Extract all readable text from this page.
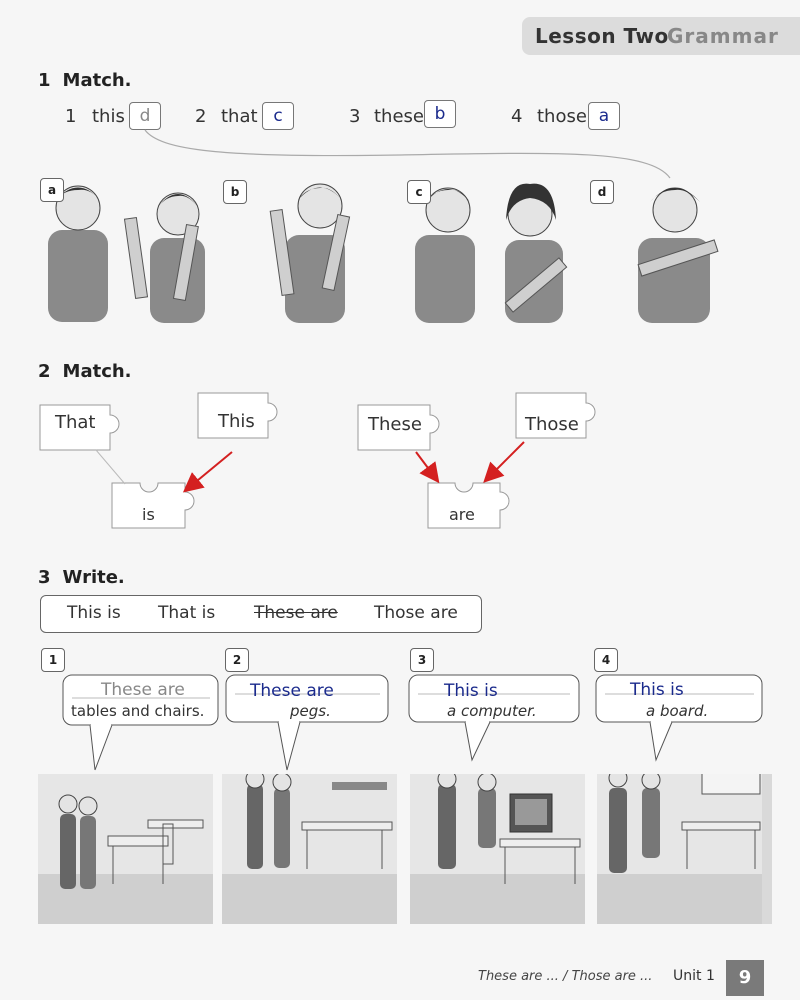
Lesson Two
Grammar
1 Match.
1 this d	2 that c	3 these b	4 those a
a	b	c	d
2 Match.
That	This	These	Those
is	are
3 Write.
This is That is These are Those are
1	2	3	4
These are
tables and chairs.
These are
pegs.
This is
a computer.
This is
a board.
These are ... / Those are ... Unit 1	9
